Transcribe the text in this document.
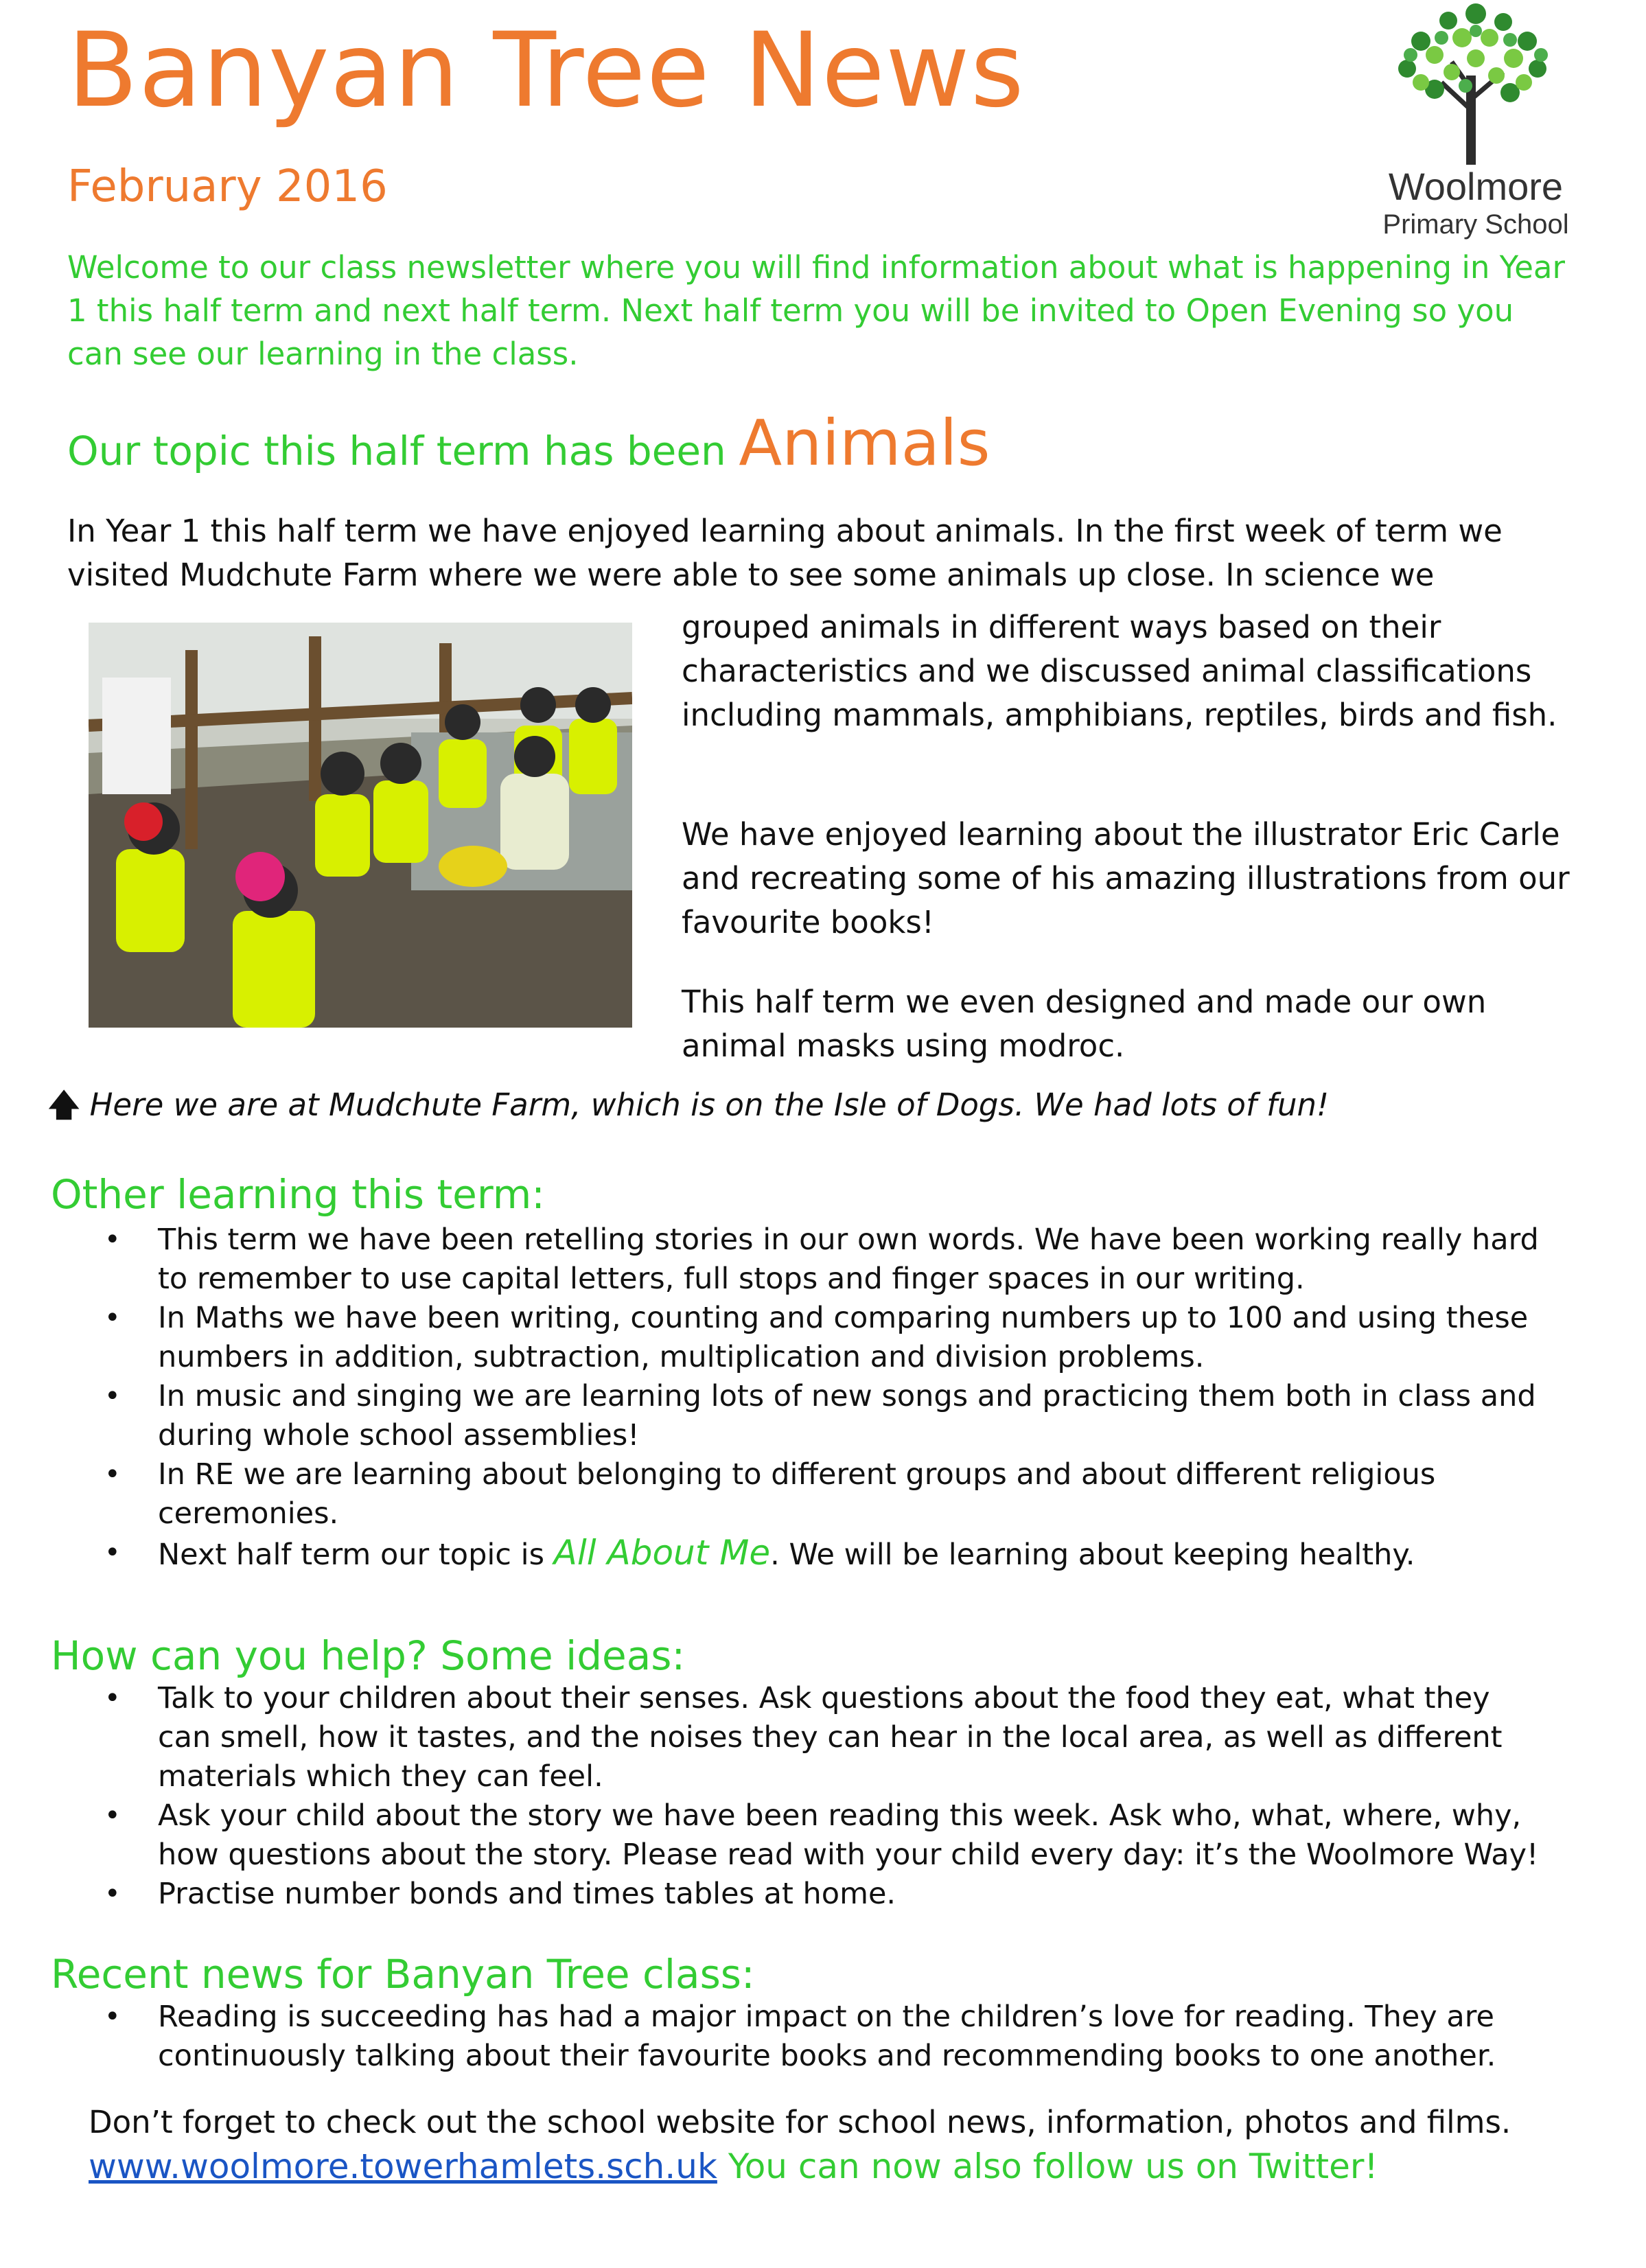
Banyan Tree News
February 2016	Woolmore
Primary School
Welcome to our class newsletter where you will find information about what is happening in Year 1 this half term and next half term. Next half term you will be invited to Open Evening so you can see our learning in the class.
Our topic this half term has been Animals
In Year 1 this half term we have enjoyed learning about animals. In the first week of term we visited Mudchute Farm where we were able to see some animals up close. In science we
grouped animals in different ways based on their characteristics and we discussed animal classifications including mammals, amphibians, reptiles, birds and fish.
We have enjoyed learning about the illustrator Eric Carle and recreating some of his amazing illustrations from our favourite books!
This half term we even designed and made our own animal masks using modroc.
🡅 Here we are at Mudchute Farm, which is on the Isle of Dogs. We had lots of fun!
Other learning this term:
• This term we have been retelling stories in our own words. We have been working really hard to remember to use capital letters, full stops and finger spaces in our writing.
• In Maths we have been writing, counting and comparing numbers up to 100 and using these numbers in addition, subtraction, multiplication and division problems.
• In music and singing we are learning lots of new songs and practicing them both in class and during whole school assemblies!
• In RE we are learning about belonging to different groups and about different religious ceremonies.
• Next half term our topic is All About Me. We will be learning about keeping healthy.
How can you help? Some ideas:
• Talk to your children about their senses. Ask questions about the food they eat, what they can smell, how it tastes, and the noises they can hear in the local area, as well as different materials which they can feel.
• Ask your child about the story we have been reading this week. Ask who, what, where, why, how questions about the story. Please read with your child every day: it’s the Woolmore Way!
• Practise number bonds and times tables at home.
Recent news for Banyan Tree class:
• Reading is succeeding has had a major impact on the children’s love for reading. They are continuously talking about their favourite books and recommending books to one another.
Don’t forget to check out the school website for school news, information, photos and films.
www.woolmore.towerhamlets.sch.uk You can now also follow us on Twitter!
